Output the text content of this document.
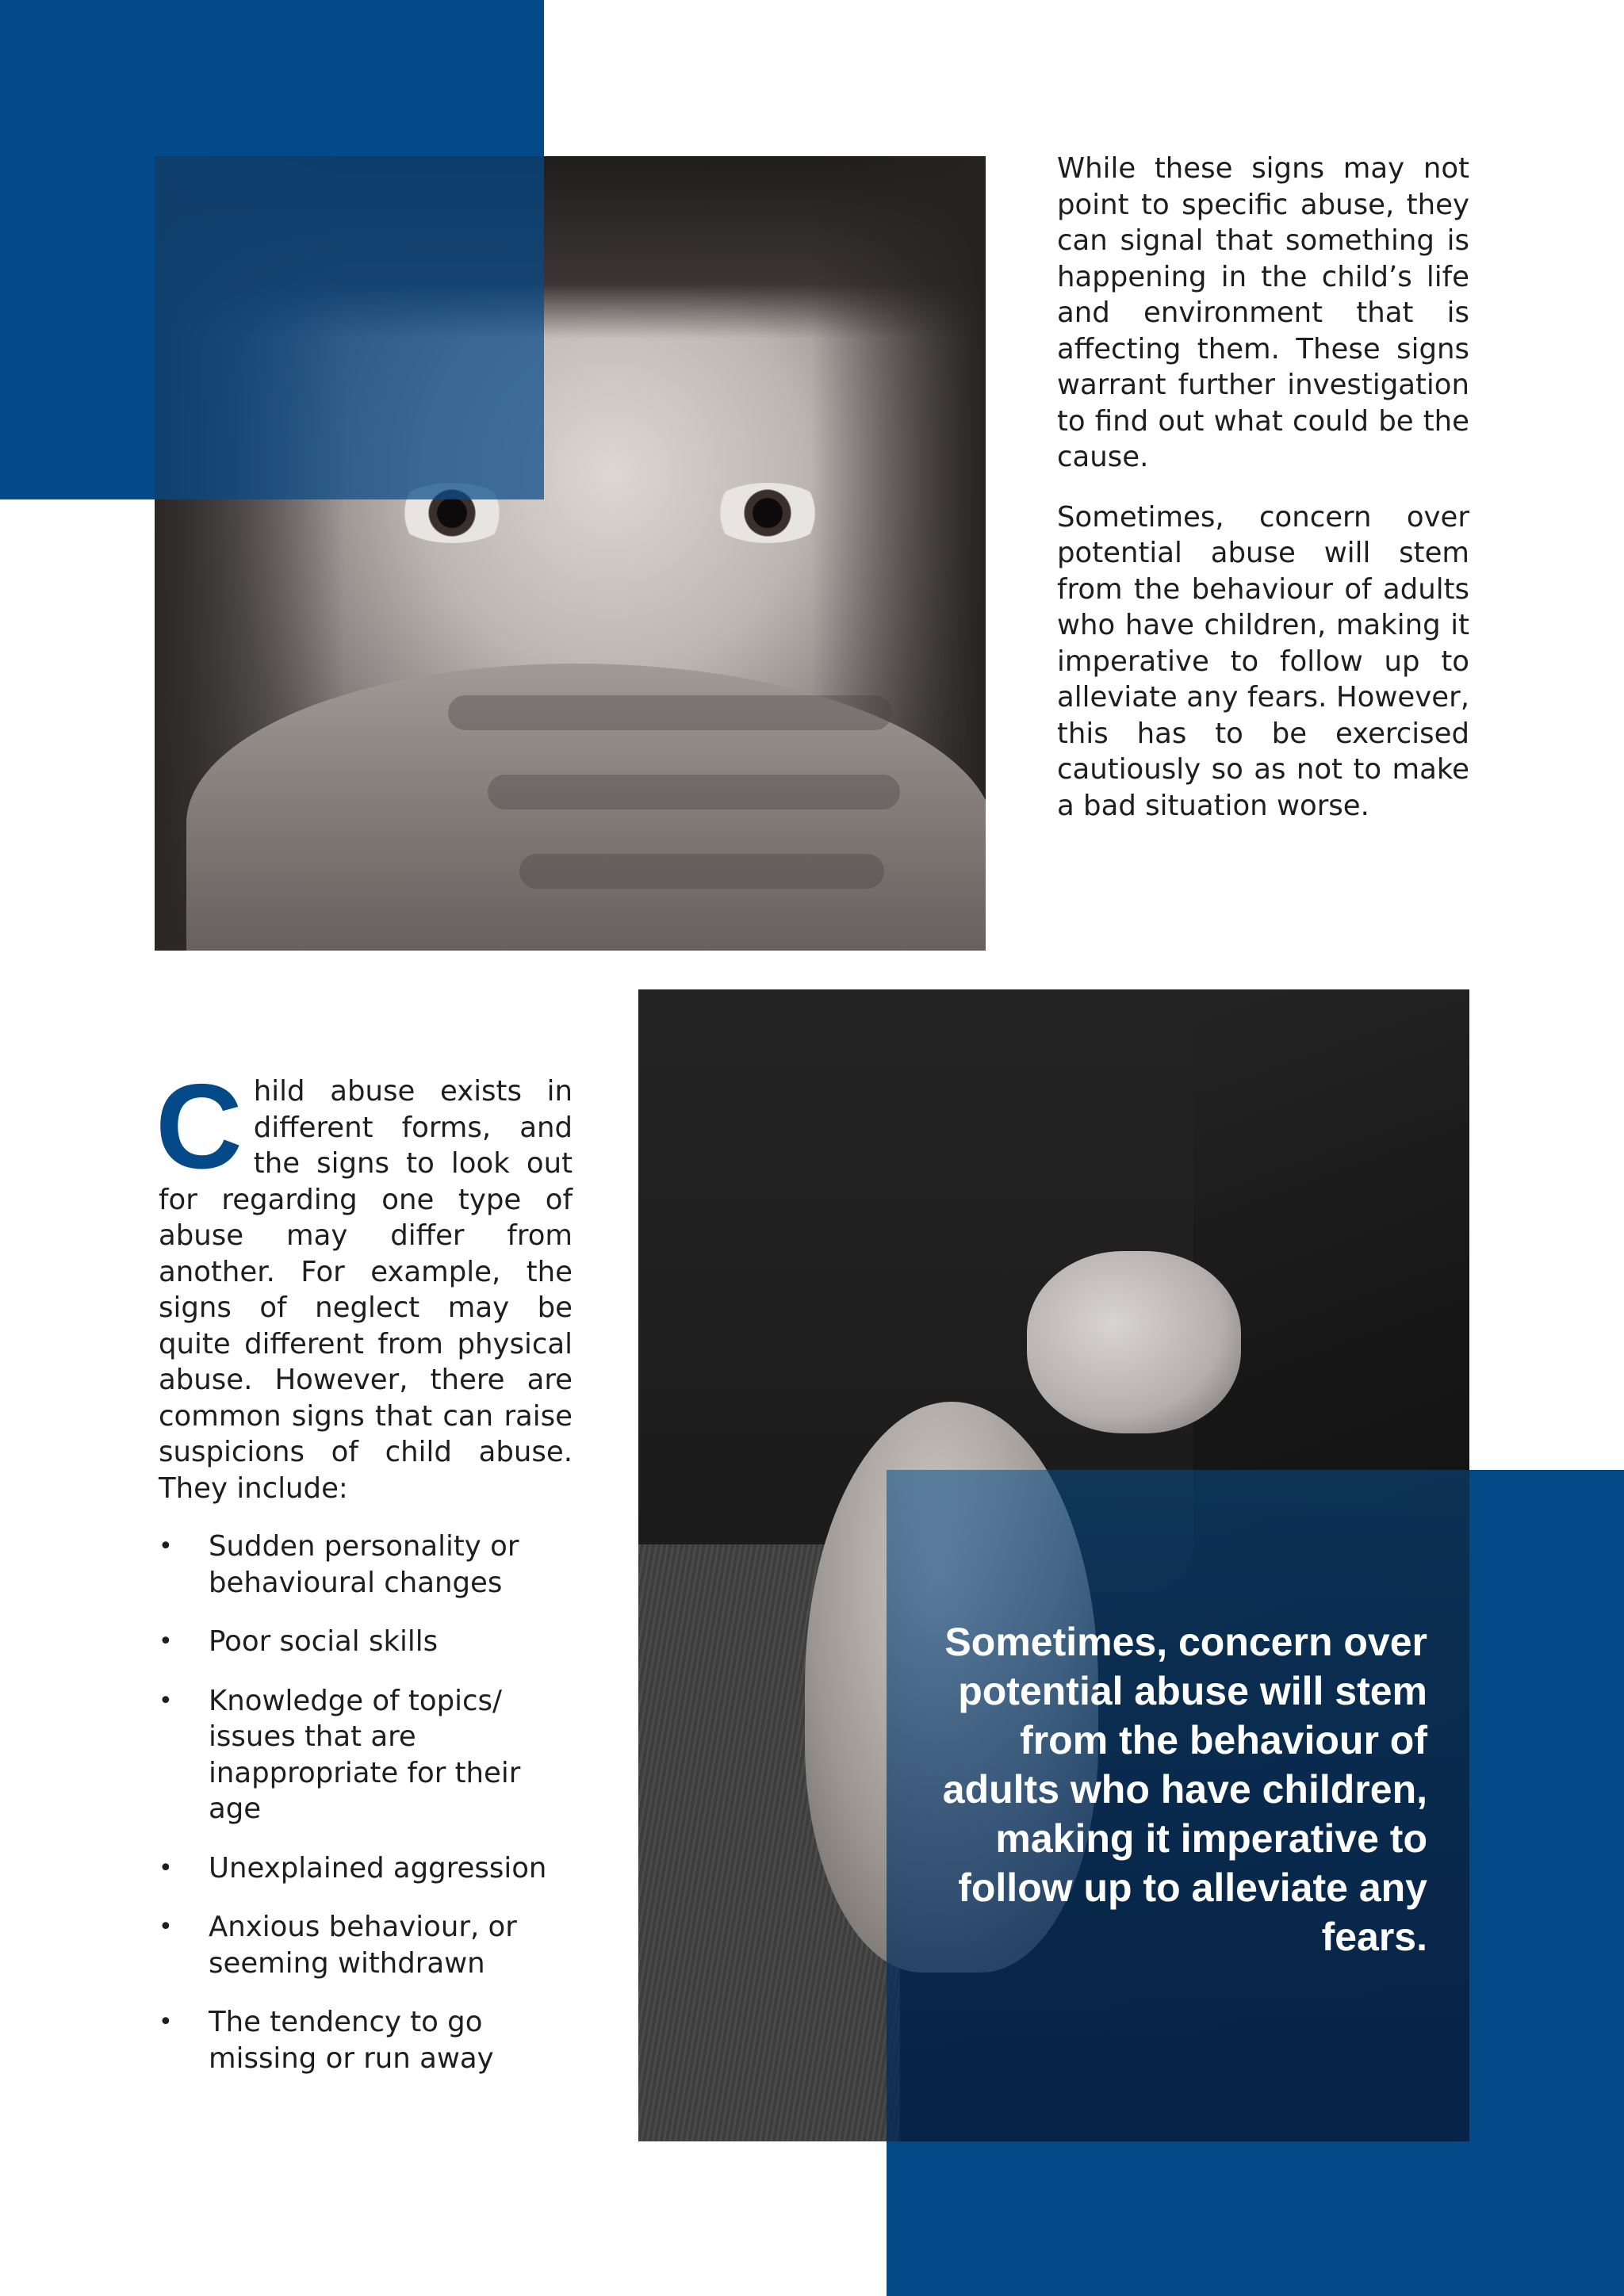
While these signs may not point to specific abuse, they can signal that something is happening in the child’s life and environment that is affecting them. These signs warrant further investigation to find out what could be the cause.

Sometimes, concern over potential abuse will stem from the behaviour of adults who have children, making it imperative to follow up to alleviate any fears. However, this has to be exercised cautiously so as not to make a bad situation worse.

Child abuse exists in different forms, and the signs to look out for regarding one type of abuse may differ from another. For example, the signs of neglect may be quite different from physical abuse. However, there are common signs that can raise suspicions of child abuse. They include:

• Sudden personality or behavioural changes
• Poor social skills
• Knowledge of topics/ issues that are inappropriate for their age
• Unexplained aggression
• Anxious behaviour, or seeming withdrawn
• The tendency to go missing or run away

Sometimes, concern over potential abuse will stem from the behaviour of adults who have children, making it imperative to follow up to alleviate any fears.
